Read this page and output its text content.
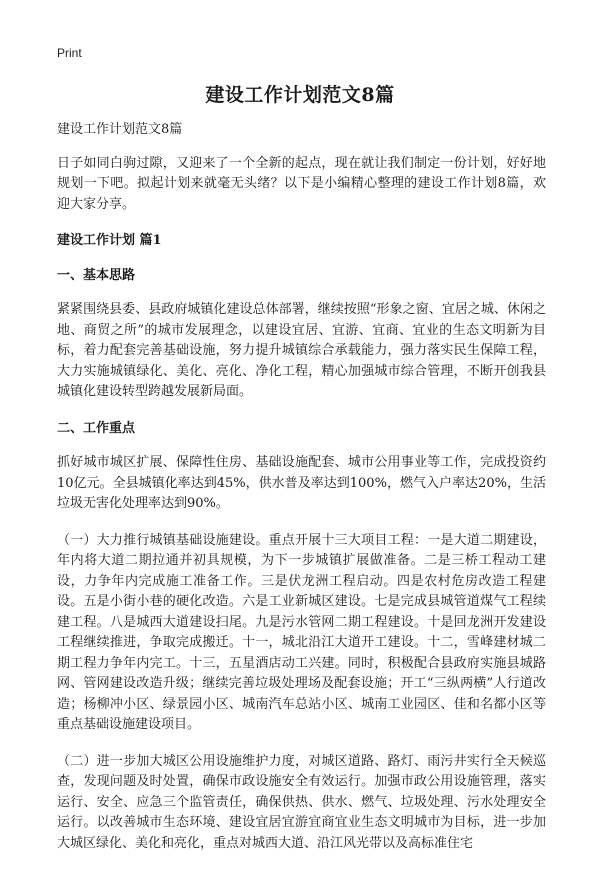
Print
建设工作计划范文8篇

建设工作计划范文8篇

日子如同白驹过隙，又迎来了一个全新的起点，现在就让我们制定一份计划，好好地规划一下吧。拟起计划来就毫无头绪？以下是小编精心整理的建设工作计划8篇，欢迎大家分享。

建设工作计划 篇1

一、基本思路

紧紧围绕县委、县政府城镇化建设总体部署，继续按照“形象之窗、宜居之城、休闲之地、商贸之所”的城市发展理念，以建设宜居、宜游、宜商、宜业的生态文明新为目标，着力配套完善基础设施，努力提升城镇综合承载能力，强力落实民生保障工程，大力实施城镇绿化、美化、亮化、净化工程，精心加强城市综合管理，不断开创我县城镇化建设转型跨越发展新局面。

二、工作重点

抓好城市城区扩展、保障性住房、基础设施配套、城市公用事业等工作，完成投资约10亿元。全县城镇化率达到45%，供水普及率达到100%，燃气入户率达20%，生活垃圾无害化处理率达到90%。

（一）大力推行城镇基础设施建设。重点开展十三大项目工程：一是大道二期建设，年内将大道二期拉通并初具规模，为下一步城镇扩展做准备。二是三桥工程动工建设，力争年内完成施工准备工作。三是伏龙洲工程启动。四是农村危房改造工程建设。五是小街小巷的硬化改造。六是工业新城区建设。七是完成县城管道煤气工程续建工程。八是城西大道建设扫尾。九是污水管网二期工程建设。十是回龙洲开发建设工程继续推进，争取完成搬迁。十一，城北沿江大道开工建设。十二，雪峰建材城二期工程力争年内完工。十三，五星酒店动工兴建。同时，积极配合县政府实施县城路网、管网建设改造升级；继续完善垃圾处理场及配套设施；开工“三纵两横”人行道改造；杨柳冲小区、绿景园小区、城南汽车总站小区、城南工业园区、佳和名都小区等重点基础设施建设项目。

（二）进一步加大城区公用设施维护力度，对城区道路、路灯、雨污井实行全天候巡查，发现问题及时处置，确保市政设施安全有效运行。加强市政公用设施管理，落实运行、安全、应急三个监管责任，确保供热、供水、燃气、垃圾处理、污水处理安全运行。以改善城市生态环境、建设宜居宜游宜商宜业生态文明城市为目标，进一步加大城区绿化、美化和亮化，重点对城西大道、沿江风光带以及高标准住宅
